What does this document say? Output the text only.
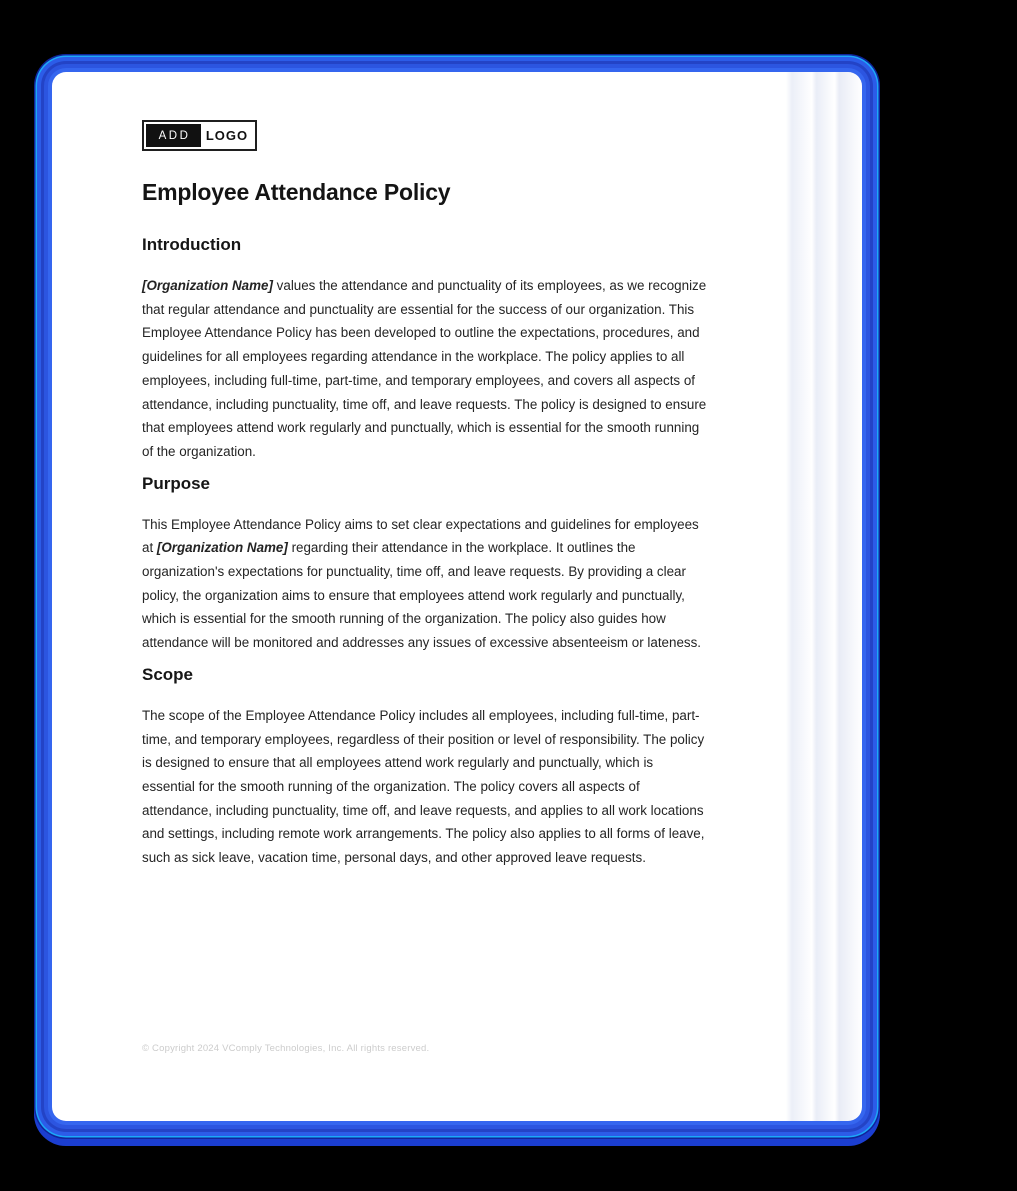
ADD	LOGO
Employee Attendance Policy
Introduction

[Organization Name] values the attendance and punctuality of its employees, as we recognize that regular attendance and punctuality are essential for the success of our organization. This Employee Attendance Policy has been developed to outline the expectations, procedures, and guidelines for all employees regarding attendance in the workplace. The policy applies to all employees, including full-time, part-time, and temporary employees, and covers all aspects of attendance, including punctuality, time off, and leave requests. The policy is designed to ensure that employees attend work regularly and punctually, which is essential for the smooth running of the organization.

Purpose

This Employee Attendance Policy aims to set clear expectations and guidelines for employees at [Organization Name] regarding their attendance in the workplace. It outlines the organization's expectations for punctuality, time off, and leave requests. By providing a clear policy, the organization aims to ensure that employees attend work regularly and punctually, which is essential for the smooth running of the organization. The policy also guides how attendance will be monitored and addresses any issues of excessive absenteeism or lateness.

Scope

The scope of the Employee Attendance Policy includes all employees, including full-time, part-time, and temporary employees, regardless of their position or level of responsibility. The policy is designed to ensure that all employees attend work regularly and punctually, which is essential for the smooth running of the organization. The policy covers all aspects of attendance, including punctuality, time off, and leave requests, and applies to all work locations and settings, including remote work arrangements. The policy also applies to all forms of leave, such as sick leave, vacation time, personal days, and other approved leave requests.

© Copyright 2024 VComply Technologies, Inc. All rights reserved.
